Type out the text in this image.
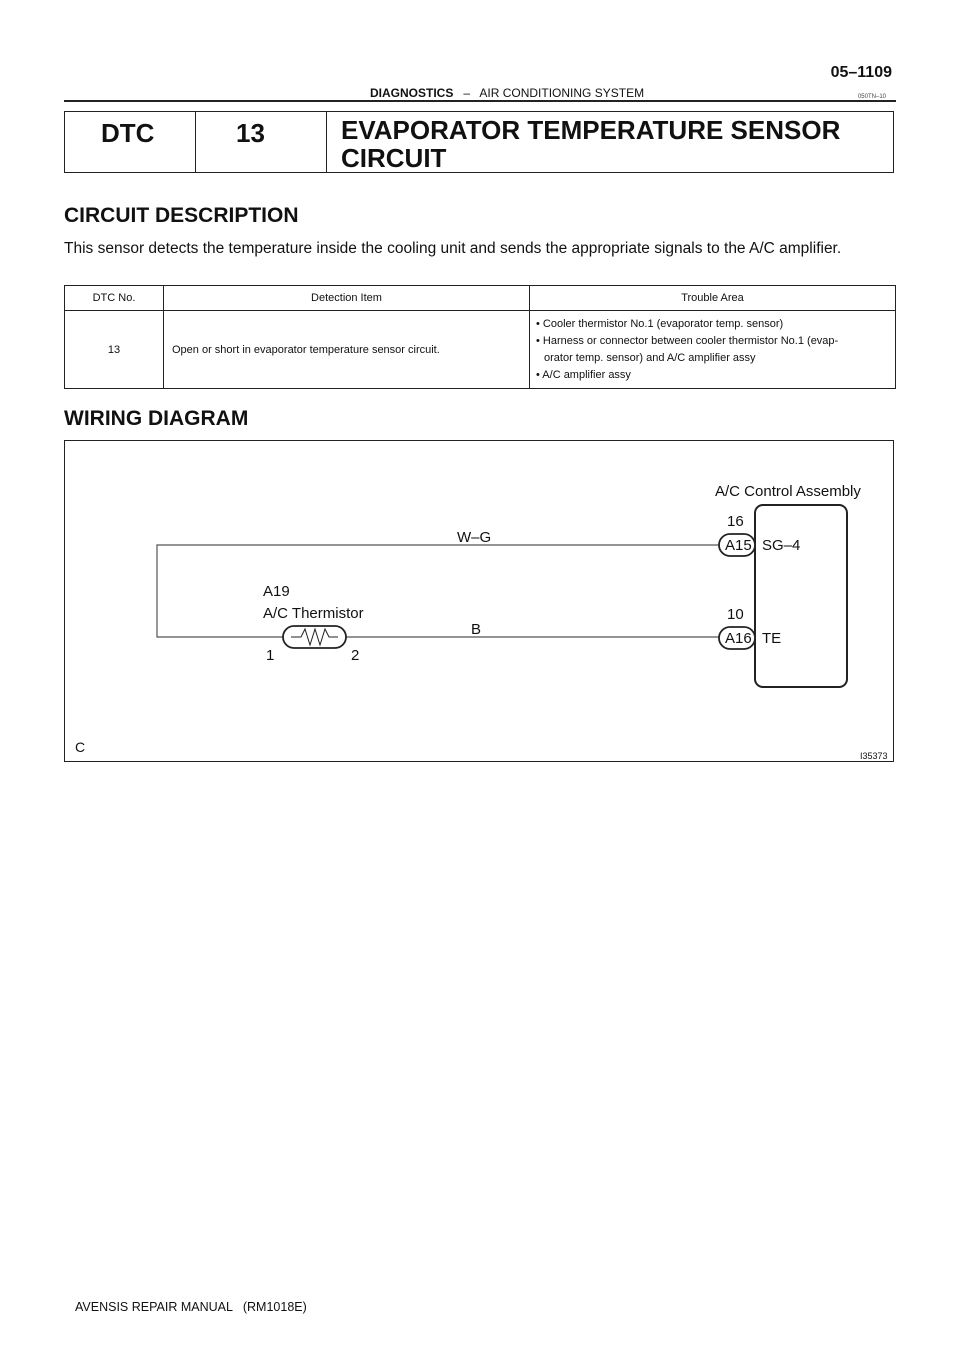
05–1109
DIAGNOSTICS – AIR CONDITIONING SYSTEM	050TN–10
DTC	13	EVAPORATOR TEMPERATURE SENSOR
CIRCUIT
CIRCUIT DESCRIPTION
This sensor detects the temperature inside the cooling unit and sends the appropriate signals to the A/C amplifier.
DTC No.	Detection Item	Trouble Area
13	Open or short in evaporator temperature sensor circuit.	• Cooler thermistor No.1 (evaporator temp. sensor)
• Harness or connector between cooler thermistor No.1 (evap-
orator temp. sensor) and A/C amplifier assy
• A/C amplifier assy
WIRING DIAGRAM
A/C Control Assembly
W–G
B
A19
A/C Thermistor
1	2
16
A15 SG–4
10
A16 TE
C
I35373
AVENSIS REPAIR MANUAL   (RM1018E)
